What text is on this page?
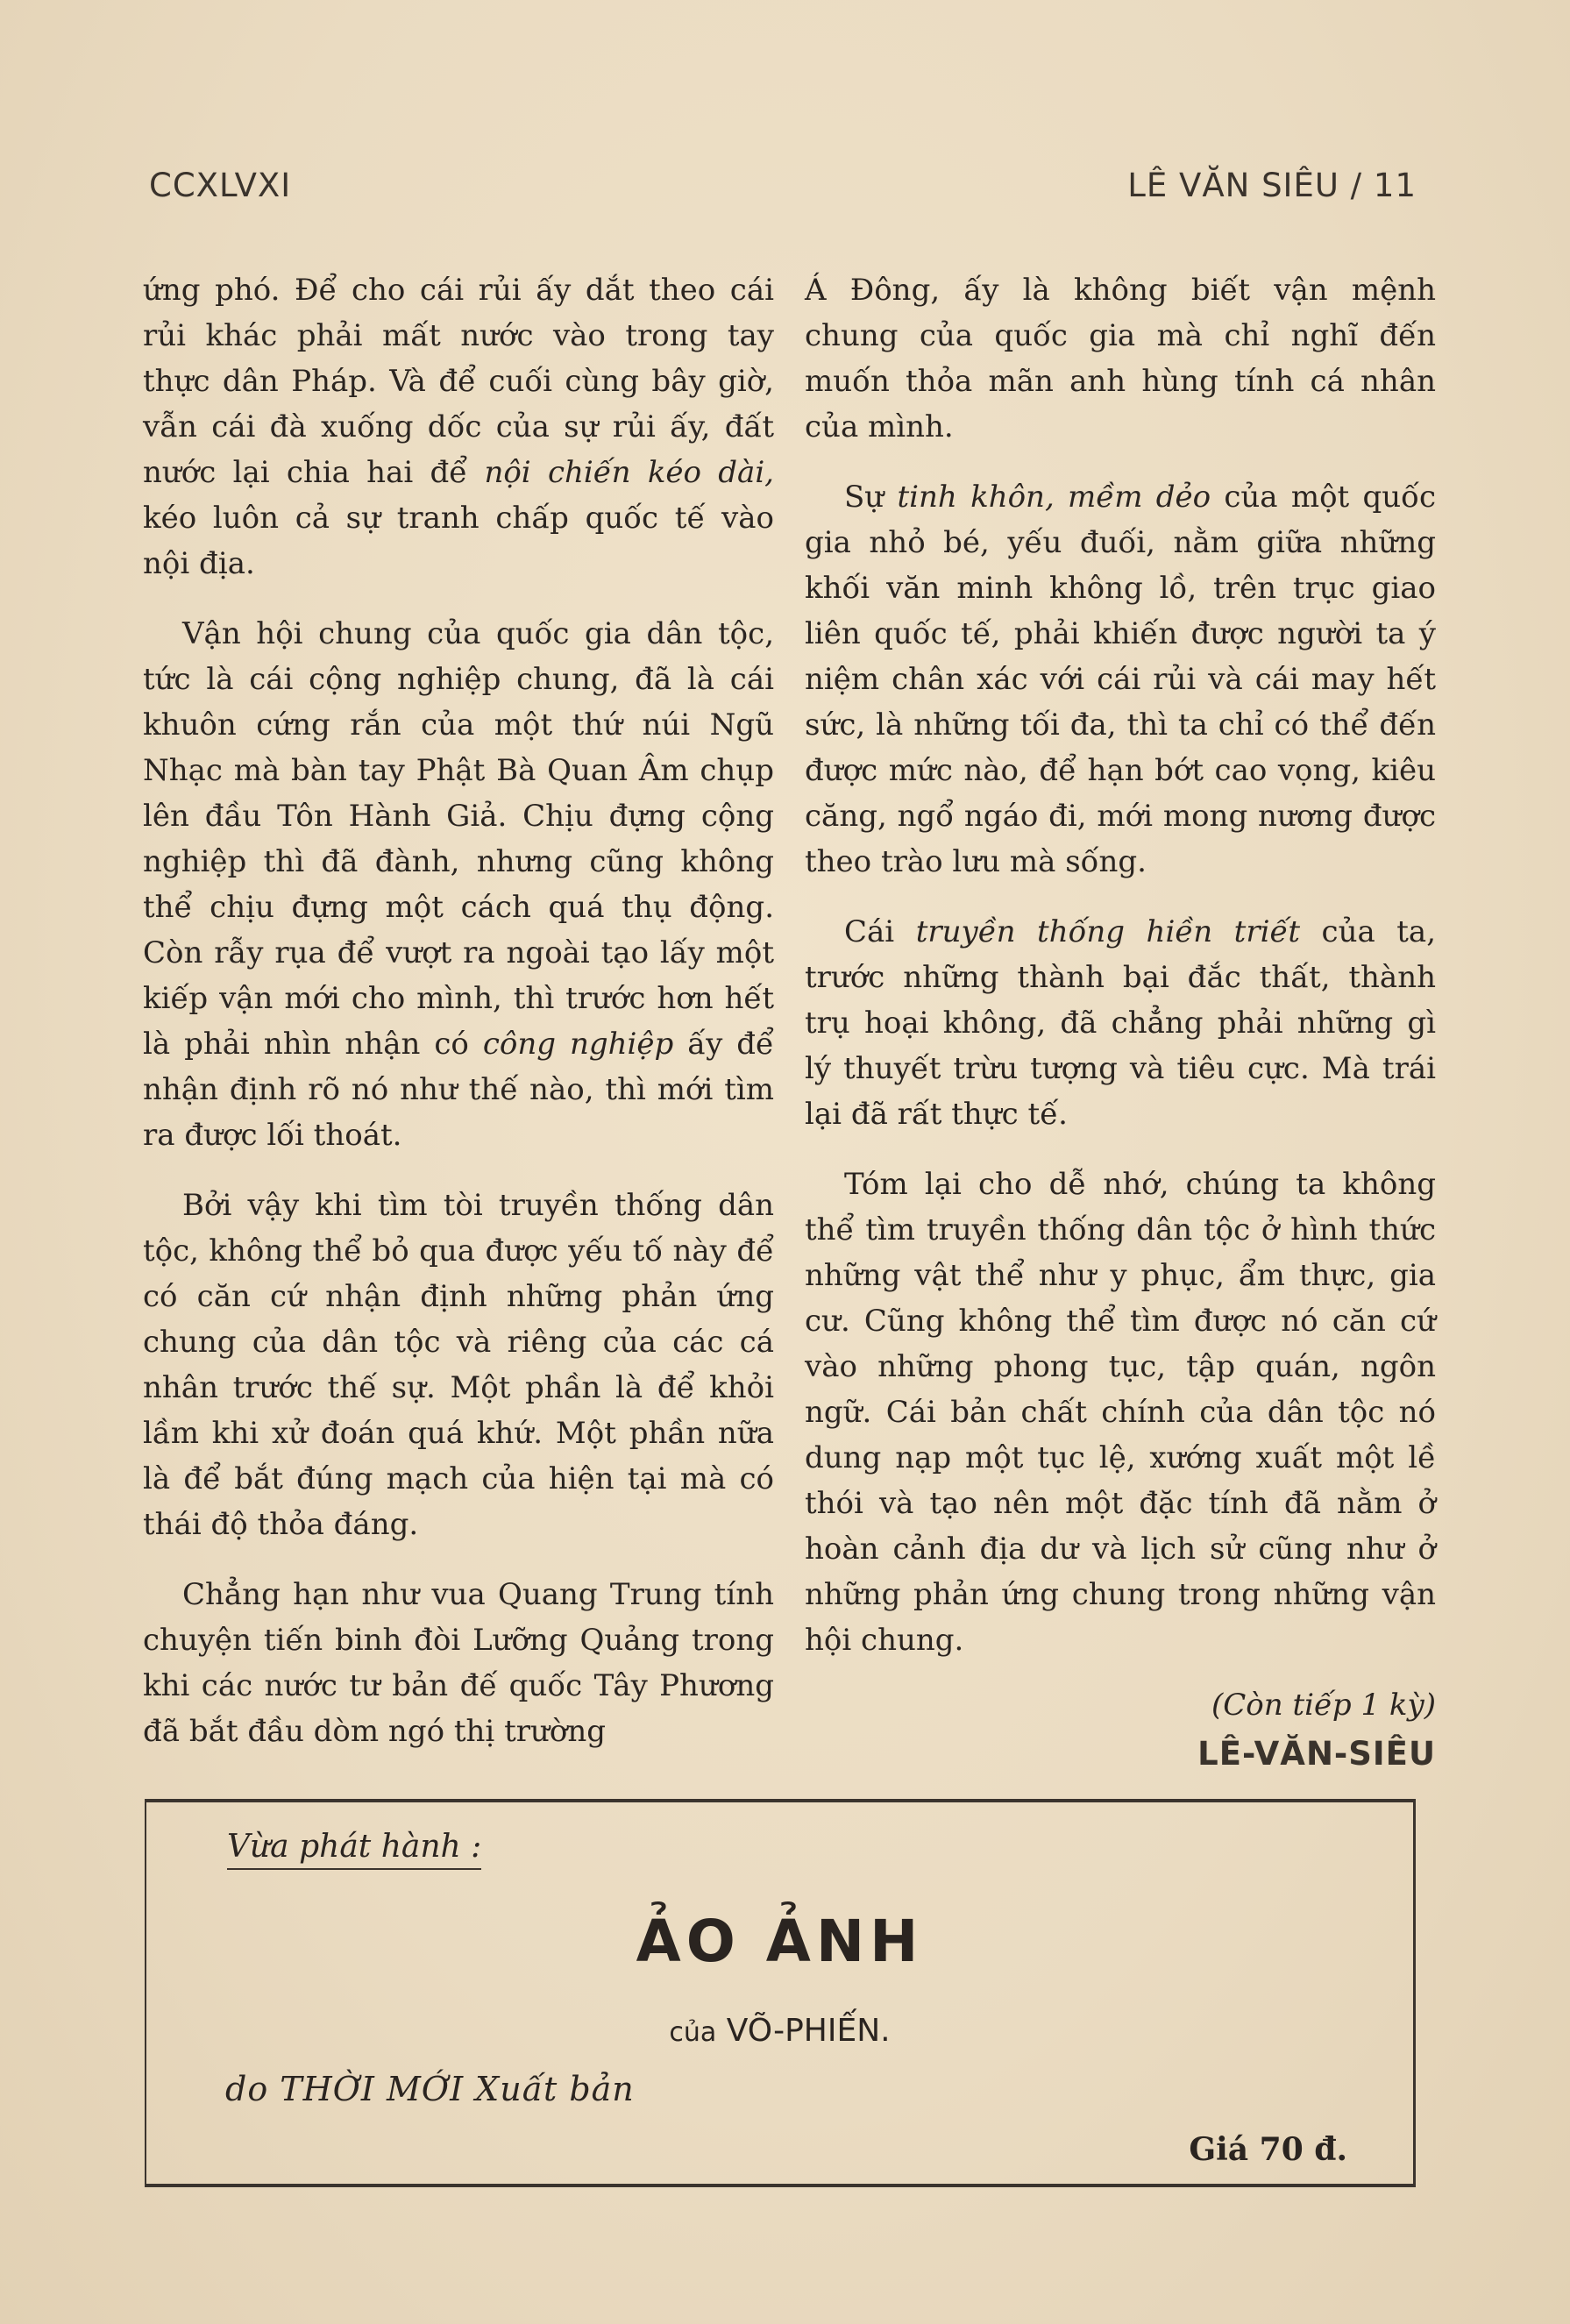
CCXLVXI	LÊ VĂN SIÊU / 11

ứng phó. Để cho cái rủi ấy dắt theo cái rủi khác phải mất nước vào trong tay thực dân Pháp. Và để cuối cùng bây giờ, vẫn cái đà xuống dốc của sự rủi ấy, đất nước lại chia hai để nội chiến kéo dài, kéo luôn cả sự tranh chấp quốc tế vào nội địa.

Vận hội chung của quốc gia dân tộc, tức là cái cộng nghiệp chung, đã là cái khuôn cứng rắn của một thứ núi Ngũ Nhạc mà bàn tay Phật Bà Quan Âm chụp lên đầu Tôn Hành Giả. Chịu đựng cộng nghiệp thì đã đành, nhưng cũng không thể chịu đựng một cách quá thụ động. Còn rẫy rụa để vượt ra ngoài tạo lấy một kiếp vận mới cho mình, thì trước hơn hết là phải nhìn nhận có công nghiệp ấy để nhận định rõ nó như thế nào, thì mới tìm ra được lối thoát.

Bởi vậy khi tìm tòi truyền thống dân tộc, không thể bỏ qua được yếu tố này để có căn cứ nhận định những phản ứng chung của dân tộc và riêng của các cá nhân trước thế sự. Một phần là để khỏi lầm khi xử đoán quá khứ. Một phần nữa là để bắt đúng mạch của hiện tại mà có thái độ thỏa đáng.

Chẳng hạn như vua Quang Trung tính chuyện tiến binh đòi Lưỡng Quảng trong khi các nước tư bản đế quốc Tây Phương đã bắt đầu dòm ngó thị trường

Á Đông, ấy là không biết vận mệnh chung của quốc gia mà chỉ nghĩ đến muốn thỏa mãn anh hùng tính cá nhân của mình.

Sự tinh khôn, mềm dẻo của một quốc gia nhỏ bé, yếu đuối, nằm giữa những khối văn minh không lồ, trên trục giao liên quốc tế, phải khiến được người ta ý niệm chân xác với cái rủi và cái may hết sức, là những tối đa, thì ta chỉ có thể đến được mức nào, để hạn bớt cao vọng, kiêu căng, ngổ ngáo đi, mới mong nương được theo trào lưu mà sống.

Cái truyền thống hiền triết của ta, trước những thành bại đắc thất, thành trụ hoại không, đã chẳng phải những gì lý thuyết trừu tượng và tiêu cực. Mà trái lại đã rất thực tế.

Tóm lại cho dễ nhớ, chúng ta không thể tìm truyền thống dân tộc ở hình thức những vật thể như y phục, ẩm thực, gia cư. Cũng không thể tìm được nó căn cứ vào những phong tục, tập quán, ngôn ngữ. Cái bản chất chính của dân tộc nó dung nạp một tục lệ, xướng xuất một lề thói và tạo nên một đặc tính đã nằm ở hoàn cảnh địa dư và lịch sử cũng như ở những phản ứng chung trong những vận hội chung.

(Còn tiếp 1 kỳ)
LÊ-VĂN-SIÊU
Vừa phát hành :
ẢO ẢNH
của VÕ-PHIẾN.
do THỜI MỚI Xuất bản
Giá 70 đ.
